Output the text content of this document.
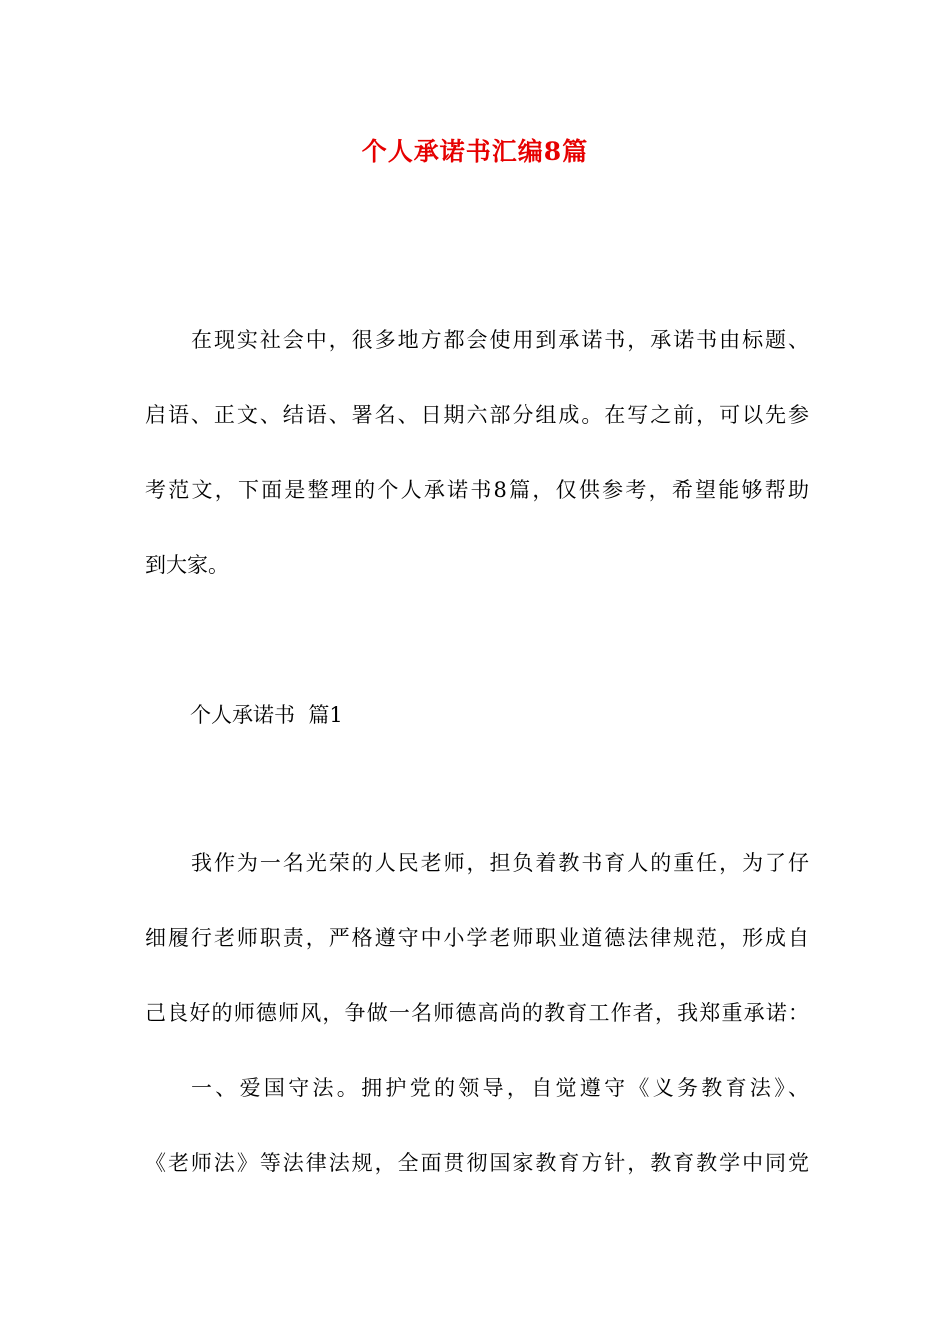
个人承诺书汇编8篇
在现实社会中，很多地方都会使用到承诺书，承诺书由标题、
启语、正文、结语、署名、日期六部分组成。在写之前，可以先参
考范文，下面是整理的个人承诺书8篇，仅供参考，希望能够帮助
到大家。
个人承诺书  篇1
我作为一名光荣的人民老师，担负着教书育人的重任，为了仔
细履行老师职责，严格遵守中小学老师职业道德法律规范，形成自
己良好的师德师风，争做一名师德高尚的教育工作者，我郑重承诺：
一、爱国守法。拥护党的领导，自觉遵守《义务教育法》、
《老师法》等法律法规，全面贯彻国家教育方针，教育教学中同党
